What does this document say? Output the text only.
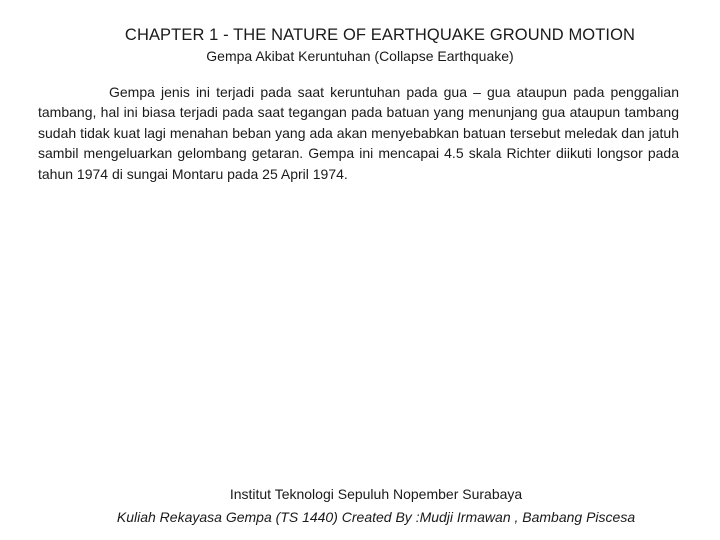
CHAPTER 1 - THE NATURE OF EARTHQUAKE GROUND MOTION
Gempa Akibat Keruntuhan (Collapse Earthquake)

Gempa jenis ini terjadi pada saat keruntuhan pada gua – gua ataupun pada penggalian tambang, hal ini biasa terjadi pada saat tegangan pada batuan yang menunjang gua ataupun tambang sudah tidak kuat lagi menahan beban yang ada akan menyebabkan batuan tersebut meledak dan jatuh sambil mengeluarkan gelombang getaran. Gempa ini mencapai 4.5 skala Richter diikuti longsor pada tahun 1974 di sungai Montaru pada 25 April 1974.

Institut Teknologi Sepuluh Nopember Surabaya
Kuliah Rekayasa Gempa (TS 1440) Created By :Mudji Irmawan , Bambang Piscesa
